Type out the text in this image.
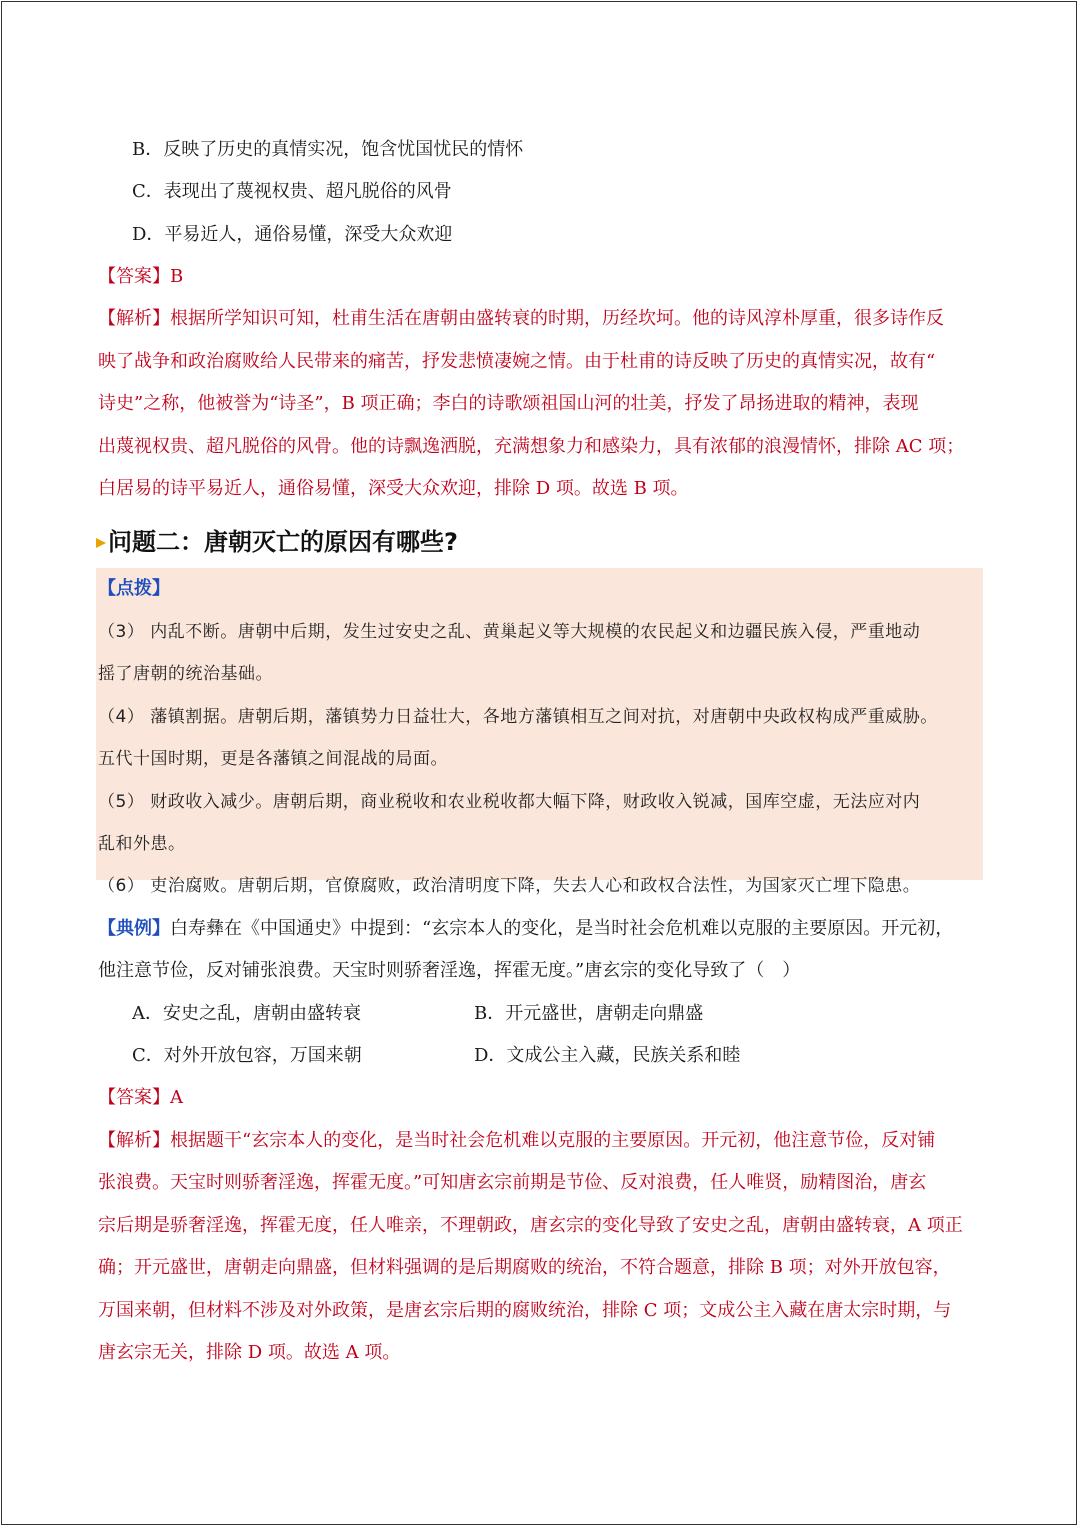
B．反映了历史的真情实况，饱含忧国忧民的情怀
C．表现出了蔑视权贵、超凡脱俗的风骨
D．平易近人，通俗易懂，深受大众欢迎
【答案】B
【解析】根据所学知识可知，杜甫生活在唐朝由盛转衰的时期，历经坎坷。他的诗风淳朴厚重，很多诗作反
映了战争和政治腐败给人民带来的痛苦，抒发悲愤凄婉之情。由于杜甫的诗反映了历史的真情实况，故有“
诗史”之称，他被誉为“诗圣”，B 项正确；李白的诗歌颂祖国山河的壮美，抒发了昂扬进取的精神，表现
出蔑视权贵、超凡脱俗的风骨。他的诗飘逸洒脱，充满想象力和感染力，具有浓郁的浪漫情怀，排除 AC 项；
白居易的诗平易近人，通俗易懂，深受大众欢迎，排除 D 项。故选 B 项。
问题二：唐朝灭亡的原因有哪些?
【点拨】
（3） 内乱不断。唐朝中后期，发生过安史之乱、黄巢起义等大规模的农民起义和边疆民族入侵，严重地动
摇了唐朝的统治基础。
（4） 藩镇割据。唐朝后期，藩镇势力日益壮大，各地方藩镇相互之间对抗，对唐朝中央政权构成严重威胁。
五代十国时期，更是各藩镇之间混战的局面。
（5） 财政收入减少。唐朝后期，商业税收和农业税收都大幅下降，财政收入锐减，国库空虚，无法应对内
乱和外患。
（6） 吏治腐败。唐朝后期，官僚腐败，政治清明度下降，失去人心和政权合法性，为国家灭亡埋下隐患。
【典例】白寿彝在《中国通史》中提到：“玄宗本人的变化，是当时社会危机难以克服的主要原因。开元初，
他注意节俭，反对铺张浪费。天宝时则骄奢淫逸，挥霍无度。”唐玄宗的变化导致了（　）
A．安史之乱，唐朝由盛转衰	B．开元盛世，唐朝走向鼎盛
C．对外开放包容，万国来朝	D．文成公主入藏，民族关系和睦
【答案】A
【解析】根据题干“玄宗本人的变化，是当时社会危机难以克服的主要原因。开元初，他注意节俭，反对铺
张浪费。天宝时则骄奢淫逸，挥霍无度。”可知唐玄宗前期是节俭、反对浪费，任人唯贤，励精图治，唐玄
宗后期是骄奢淫逸，挥霍无度，任人唯亲，不理朝政，唐玄宗的变化导致了安史之乱，唐朝由盛转衰，A 项正
确；开元盛世，唐朝走向鼎盛，但材料强调的是后期腐败的统治，不符合题意，排除 B 项；对外开放包容，
万国来朝，但材料不涉及对外政策，是唐玄宗后期的腐败统治，排除 C 项；文成公主入藏在唐太宗时期，与
唐玄宗无关，排除 D 项。故选 A 项。
